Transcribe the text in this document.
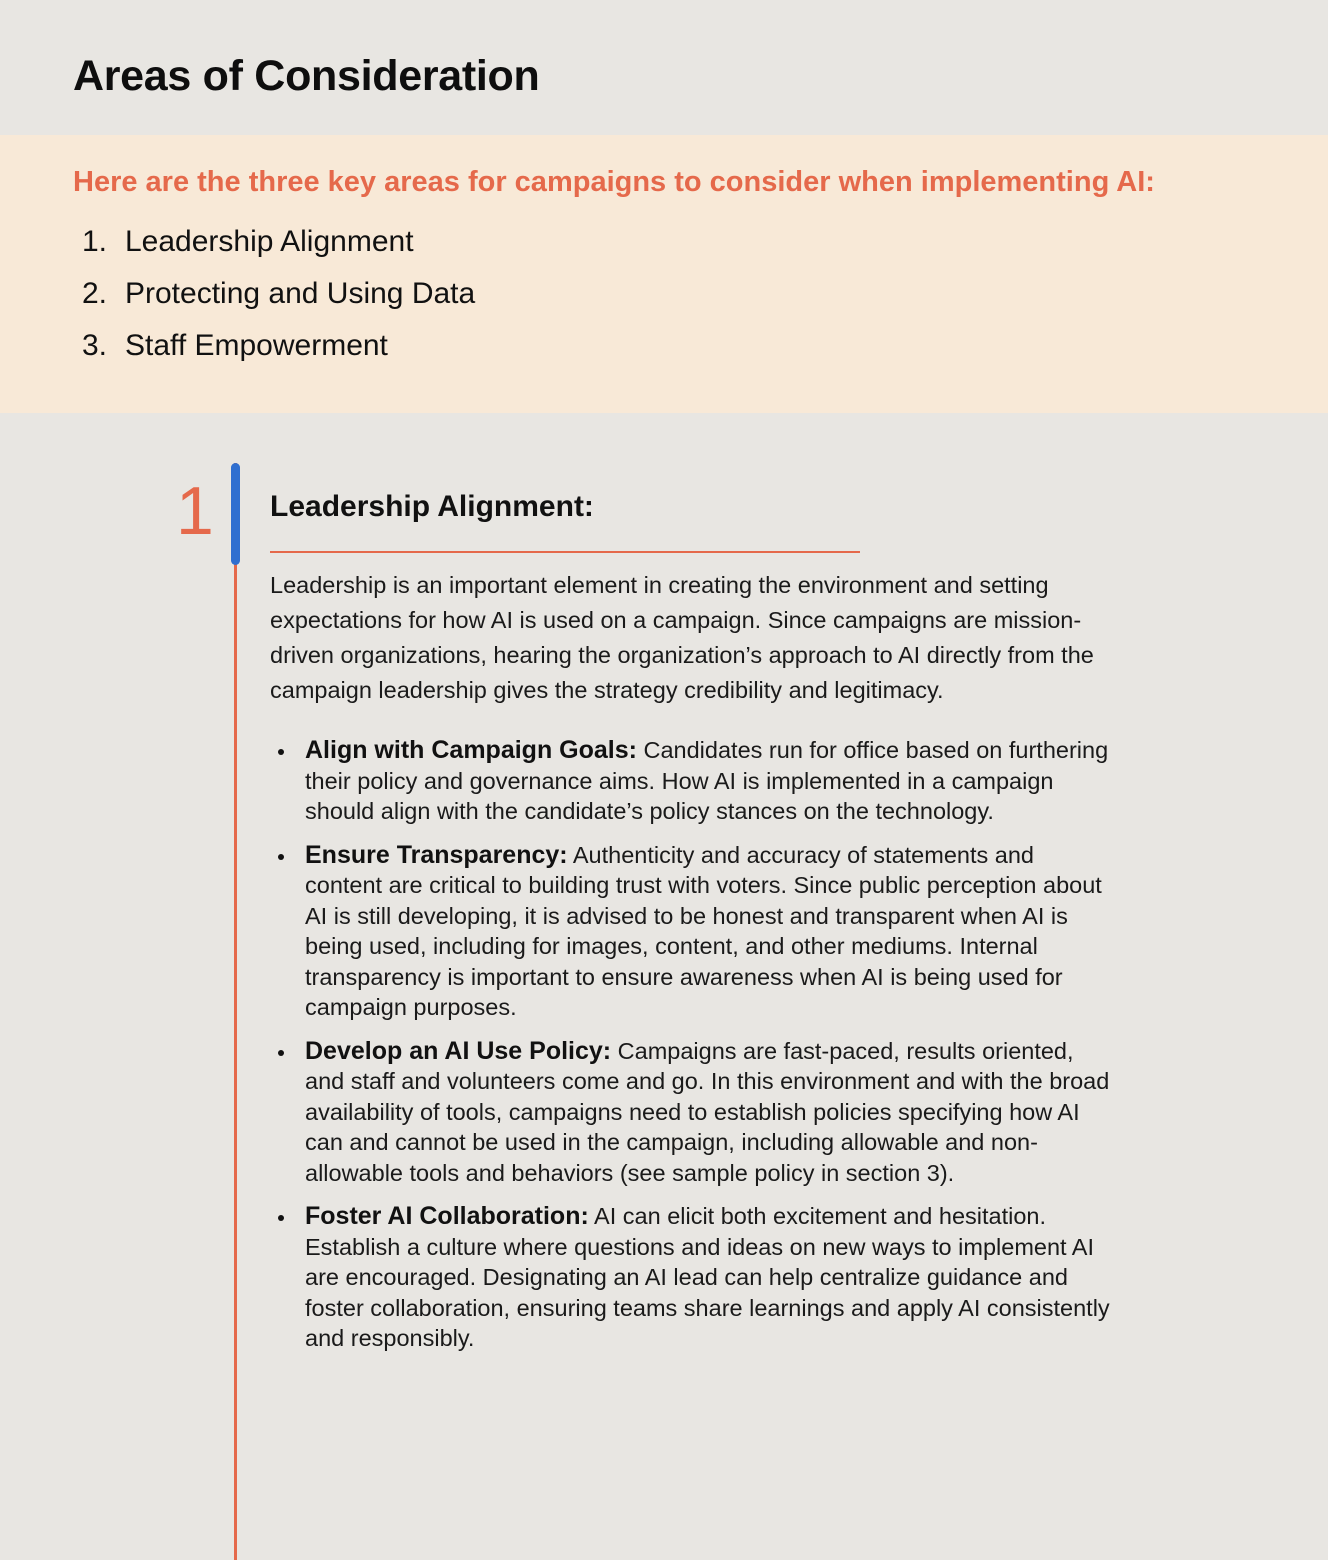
Areas of Consideration
Here are the three key areas for campaigns to consider when implementing AI:
1. Leadership Alignment
2. Protecting and Using Data
3. Staff Empowerment
1 Leadership Alignment:

Leadership is an important element in creating the environment and setting expectations for how AI is used on a campaign. Since campaigns are mission-driven organizations, hearing the organization’s approach to AI directly from the campaign leadership gives the strategy credibility and legitimacy.

Align with Campaign Goals: Candidates run for office based on furthering their policy and governance aims. How AI is implemented in a campaign should align with the candidate’s policy stances on the technology.
Ensure Transparency: Authenticity and accuracy of statements and content are critical to building trust with voters. Since public perception about AI is still developing, it is advised to be honest and transparent when AI is being used, including for images, content, and other mediums. Internal transparency is important to ensure awareness when AI is being used for campaign purposes.
Develop an AI Use Policy: Campaigns are fast-paced, results oriented, and staff and volunteers come and go. In this environment and with the broad availability of tools, campaigns need to establish policies specifying how AI can and cannot be used in the campaign, including allowable and non-allowable tools and behaviors (see sample policy in section 3).
Foster AI Collaboration: AI can elicit both excitement and hesitation. Establish a culture where questions and ideas on new ways to implement AI are encouraged. Designating an AI lead can help centralize guidance and foster collaboration, ensuring teams share learnings and apply AI consistently and responsibly.
